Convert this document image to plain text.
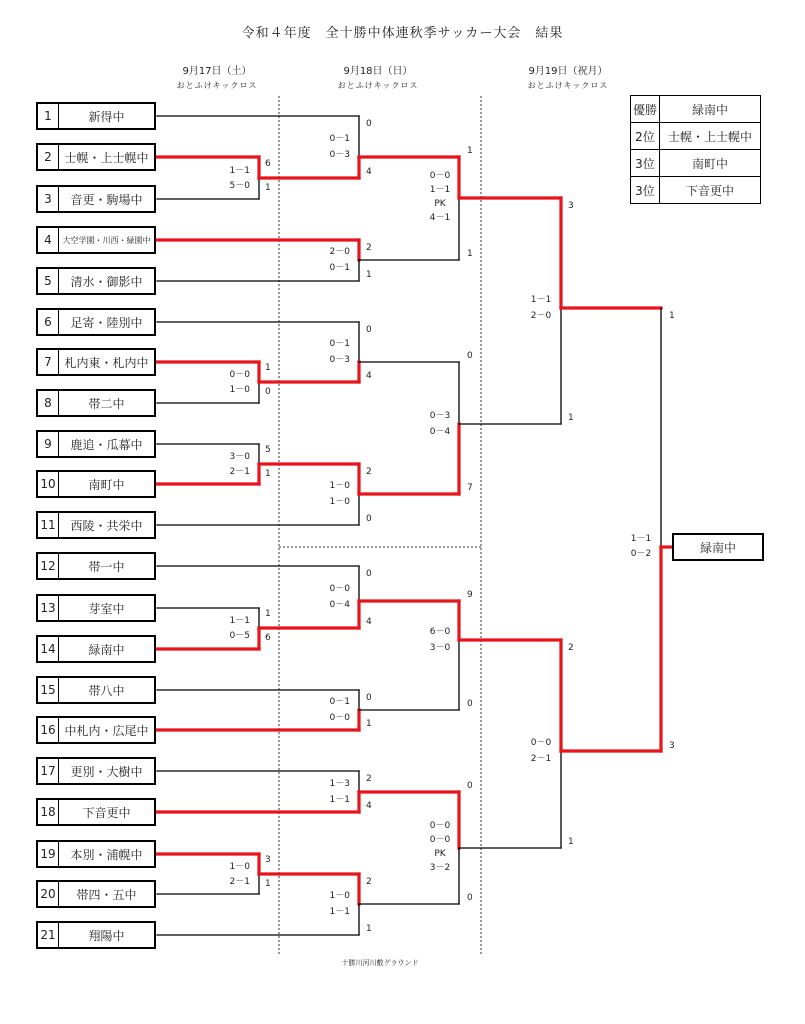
令和４年度　全十勝中体連秋季サッカー大会　結果
9月17日（土）
おとふけキックロス
9月18日（日）
おとふけキックロス
9月19日（祝月）
おとふけキックロス
6
1
1－1
5－0
1
0
0－0
1－0
5
1
3－0
2－1
1
6
1－1
0－5
3
1
1－0
2－1
0
4
0－1
0－3
2
1
2－0
0－1
0
4
0－1
0－3
2
0
1－0
1－0
0
4
0－0
0－4
0
1
0－1
0－0
2
4
1－3
1－1
2
1
1－0
1－1
1
1
0－0
1－1
PK
4－1
0
7
0－3
0－4
9
0
6－0
3－0
0
0
0－0
0－0
PK
3－2
3
1
1－1
2－0
2
1
0－0
2－1
1
3
1－1
0－2
1	新得中
2	士幌・上士幌中
3	音更・駒場中
4	大空学園・川西・緑園中
5	清水・御影中
6	足寄・陸別中
7	札内東・札内中
8	帯二中
9	鹿追・瓜幕中
10	南町中
11	西陵・共栄中
12	帯一中
13	芽室中
14	緑南中
15	帯八中
16 中札内・広尾中
17	更別・大樹中
18	下音更中
19	本別・浦幌中
20	帯四・五中
21	翔陽中
優勝	緑南中
2位	士幌・上士幌中
3位	南町中
3位	下音更中
緑南中
十勝川河川敷グラウンド
